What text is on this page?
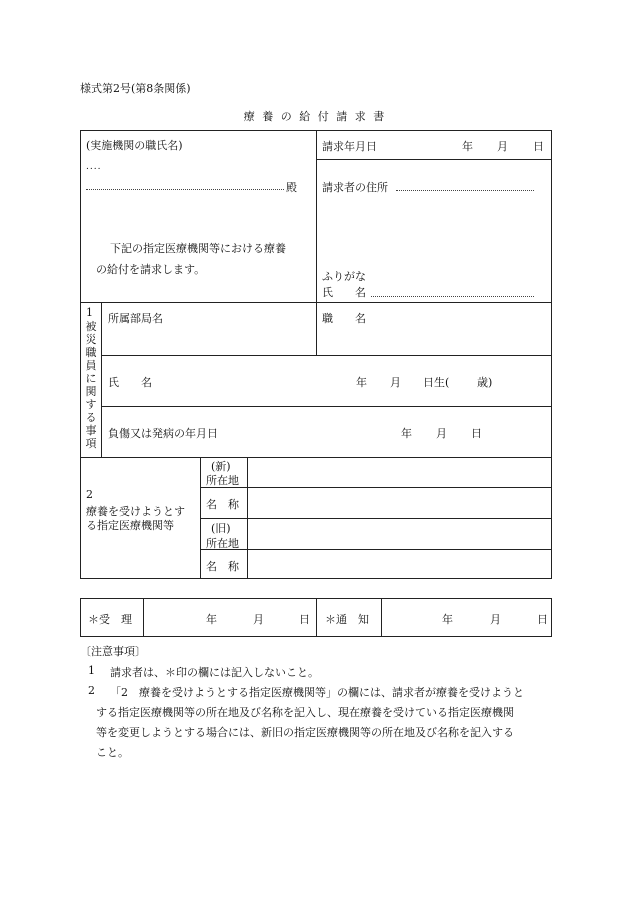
様式第2号(第8条関係)
療 養 の 給 付 請 求 書
(実施機関の職氏名)
....
殿
下記の指定医療機関等における療養
の給付を請求します。
請求年月日	年 月 日
請求者の住所
ふりがな
氏　　名
1
被
災
職
員
に
関
す
る
事
項
所属部局名	職　　名
氏　　名	年 月 日生(	歳)
負傷又は発病の年月日	年 月 日
2
療養を受けようとす
る指定医療機関等
(新)
所在地
名　称
(旧)
所在地
名　称
＊受　理	年	月	日 ＊通　知	年	月	日
〔注意事項〕
1 請求者は、＊印の欄には記入しないこと。
2 「2　療養を受けようとする指定医療機関等」の欄には、請求者が療養を受けようと
する指定医療機関等の所在地及び名称を記入し、現在療養を受けている指定医療機関
等を変更しようとする場合には、新旧の指定医療機関等の所在地及び名称を記入する
こと。
